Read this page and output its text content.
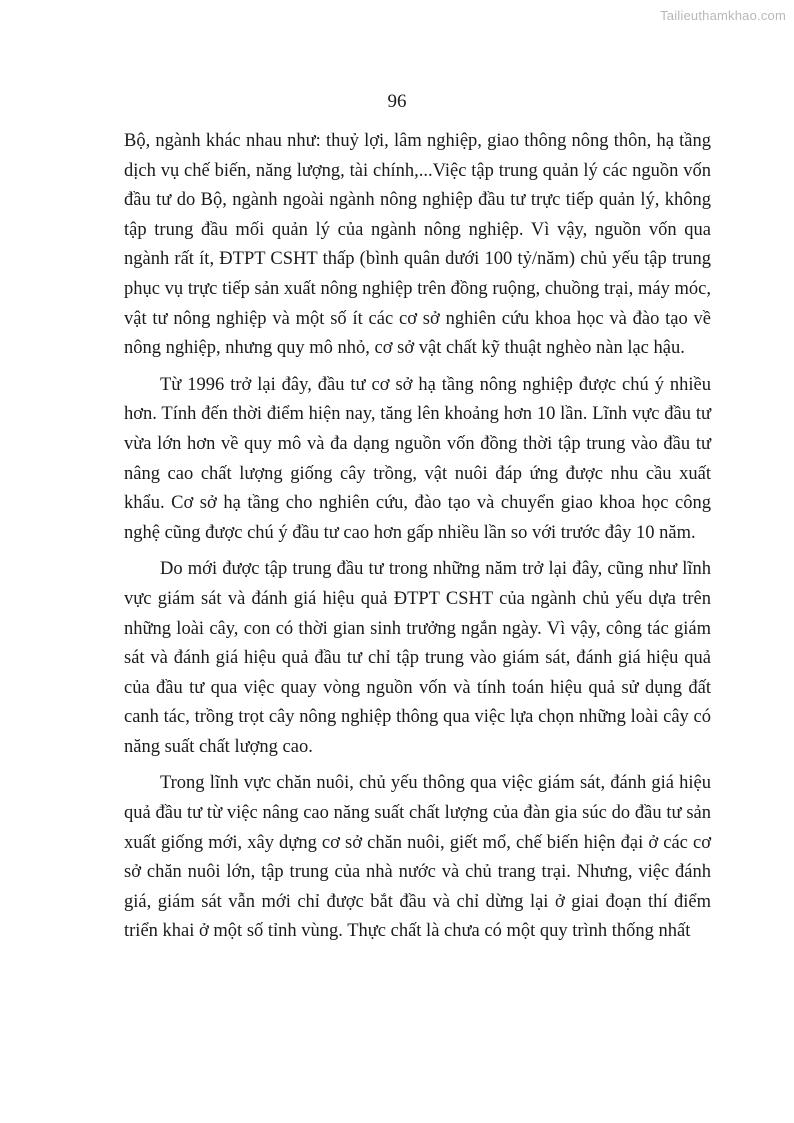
Tailieuthamkhao.com
96

Bộ, ngành khác nhau như: thuỷ lợi, lâm nghiệp, giao thông nông thôn, hạ tầng dịch vụ chế biến, năng lượng, tài chính,...Việc tập trung quản lý các nguồn vốn đầu tư do Bộ, ngành ngoài ngành nông nghiệp đầu tư trực tiếp quản lý, không tập trung đầu mối quản lý của ngành nông nghiệp. Vì vậy, nguồn vốn qua ngành rất ít, ĐTPT CSHT thấp (bình quân dưới 100 tỷ/năm) chủ yếu tập trung phục vụ trực tiếp sản xuất nông nghiệp trên đồng ruộng, chuồng trại, máy móc, vật tư nông nghiệp và một số ít các cơ sở nghiên cứu khoa học và đào tạo về nông nghiệp, nhưng quy mô nhỏ, cơ sở vật chất kỹ thuật nghèo nàn lạc hậu.

Từ 1996 trở lại đây, đầu tư cơ sở hạ tầng nông nghiệp được chú ý nhiều hơn. Tính đến thời điểm hiện nay, tăng lên khoảng hơn 10 lần. Lĩnh vực đầu tư vừa lớn hơn về quy mô và đa dạng nguồn vốn đồng thời tập trung vào đầu tư nâng cao chất lượng giống cây trồng, vật nuôi đáp ứng được nhu cầu xuất khẩu. Cơ sở hạ tầng cho nghiên cứu, đào tạo và chuyển giao khoa học công nghệ cũng được chú ý đầu tư cao hơn gấp nhiều lần so với trước đây 10 năm.

Do mới được tập trung đầu tư trong những năm trở lại đây, cũng như lĩnh vực giám sát và đánh giá hiệu quả ĐTPT CSHT của ngành chủ yếu dựa trên những loài cây, con có thời gian sinh trưởng ngắn ngày. Vì vậy, công tác giám sát và đánh giá hiệu quả đầu tư chỉ tập trung vào giám sát, đánh giá hiệu quả của đầu tư qua việc quay vòng nguồn vốn và tính toán hiệu quả sử dụng đất canh tác, trồng trọt cây nông nghiệp thông qua việc lựa chọn những loài cây có năng suất chất lượng cao.

Trong lĩnh vực chăn nuôi, chủ yếu thông qua việc giám sát, đánh giá hiệu quả đầu tư từ việc nâng cao năng suất chất lượng của đàn gia súc do đầu tư sản xuất giống mới, xây dựng cơ sở chăn nuôi, giết mổ, chế biến hiện đại ở các cơ sở chăn nuôi lớn, tập trung của nhà nước và chủ trang trại. Nhưng, việc đánh giá, giám sát vẫn mới chỉ được bắt đầu và chỉ dừng lại ở giai đoạn thí điểm triển khai ở một số tỉnh vùng. Thực chất là chưa có một quy trình thống nhất
